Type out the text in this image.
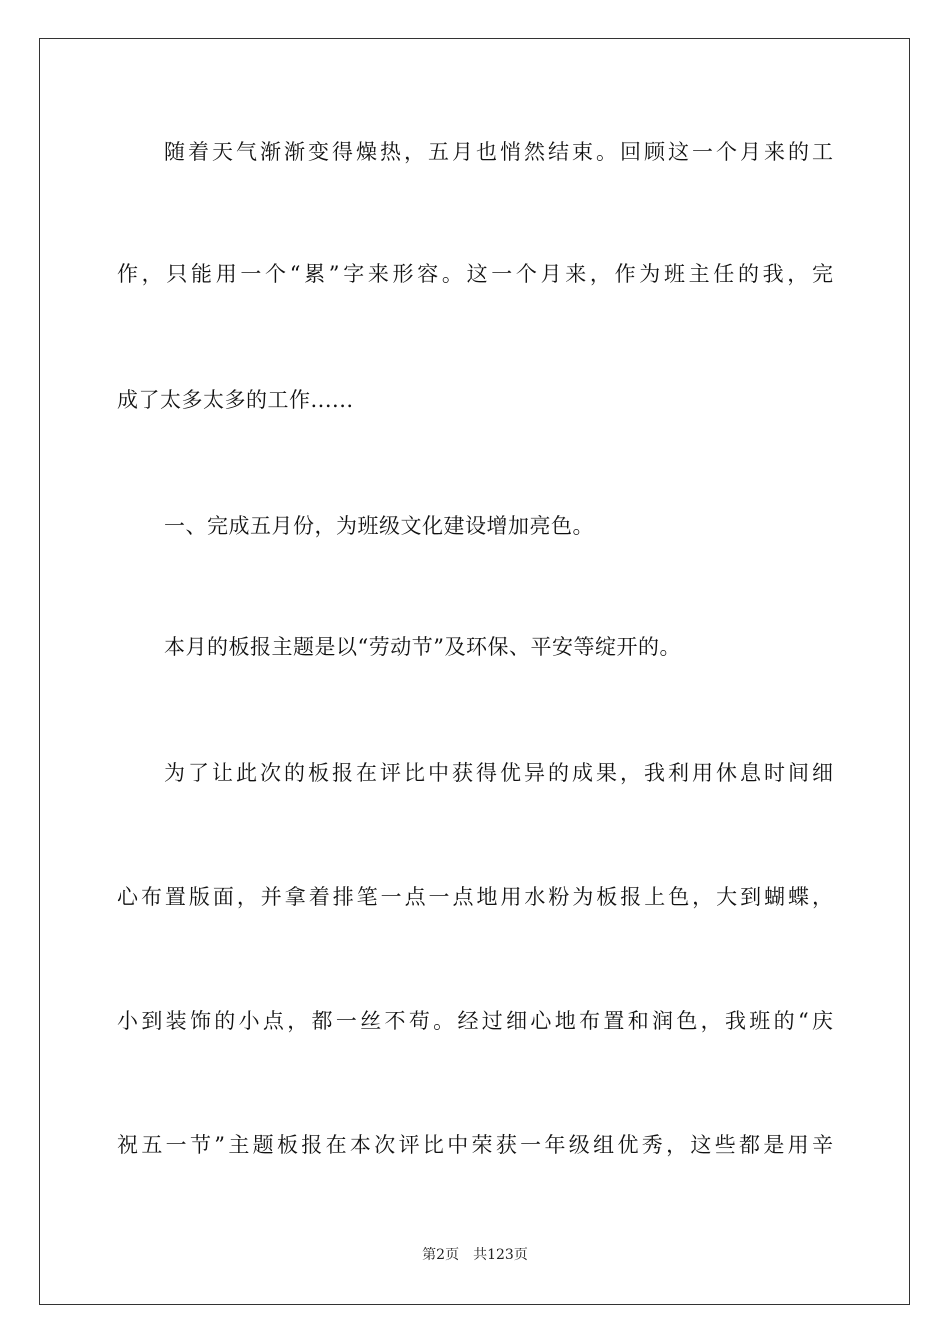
随着天气渐渐变得燥热，五月也悄然结束。回顾这一个月来的工
作，只能用一个“累”字来形容。这一个月来，作为班主任的我，完
成了太多太多的工作......
一、完成五月份，为班级文化建设增加亮色。
本月的板报主题是以“劳动节”及环保、平安等绽开的。
为了让此次的板报在评比中获得优异的成果，我利用休息时间细
心布置版面，并拿着排笔一点一点地用水粉为板报上色，大到蝴蝶，
小到装饰的小点，都一丝不苟。经过细心地布置和润色，我班的“庆
祝五一节”主题板报在本次评比中荣获一年级组优秀，这些都是用辛
第2页 共123页
